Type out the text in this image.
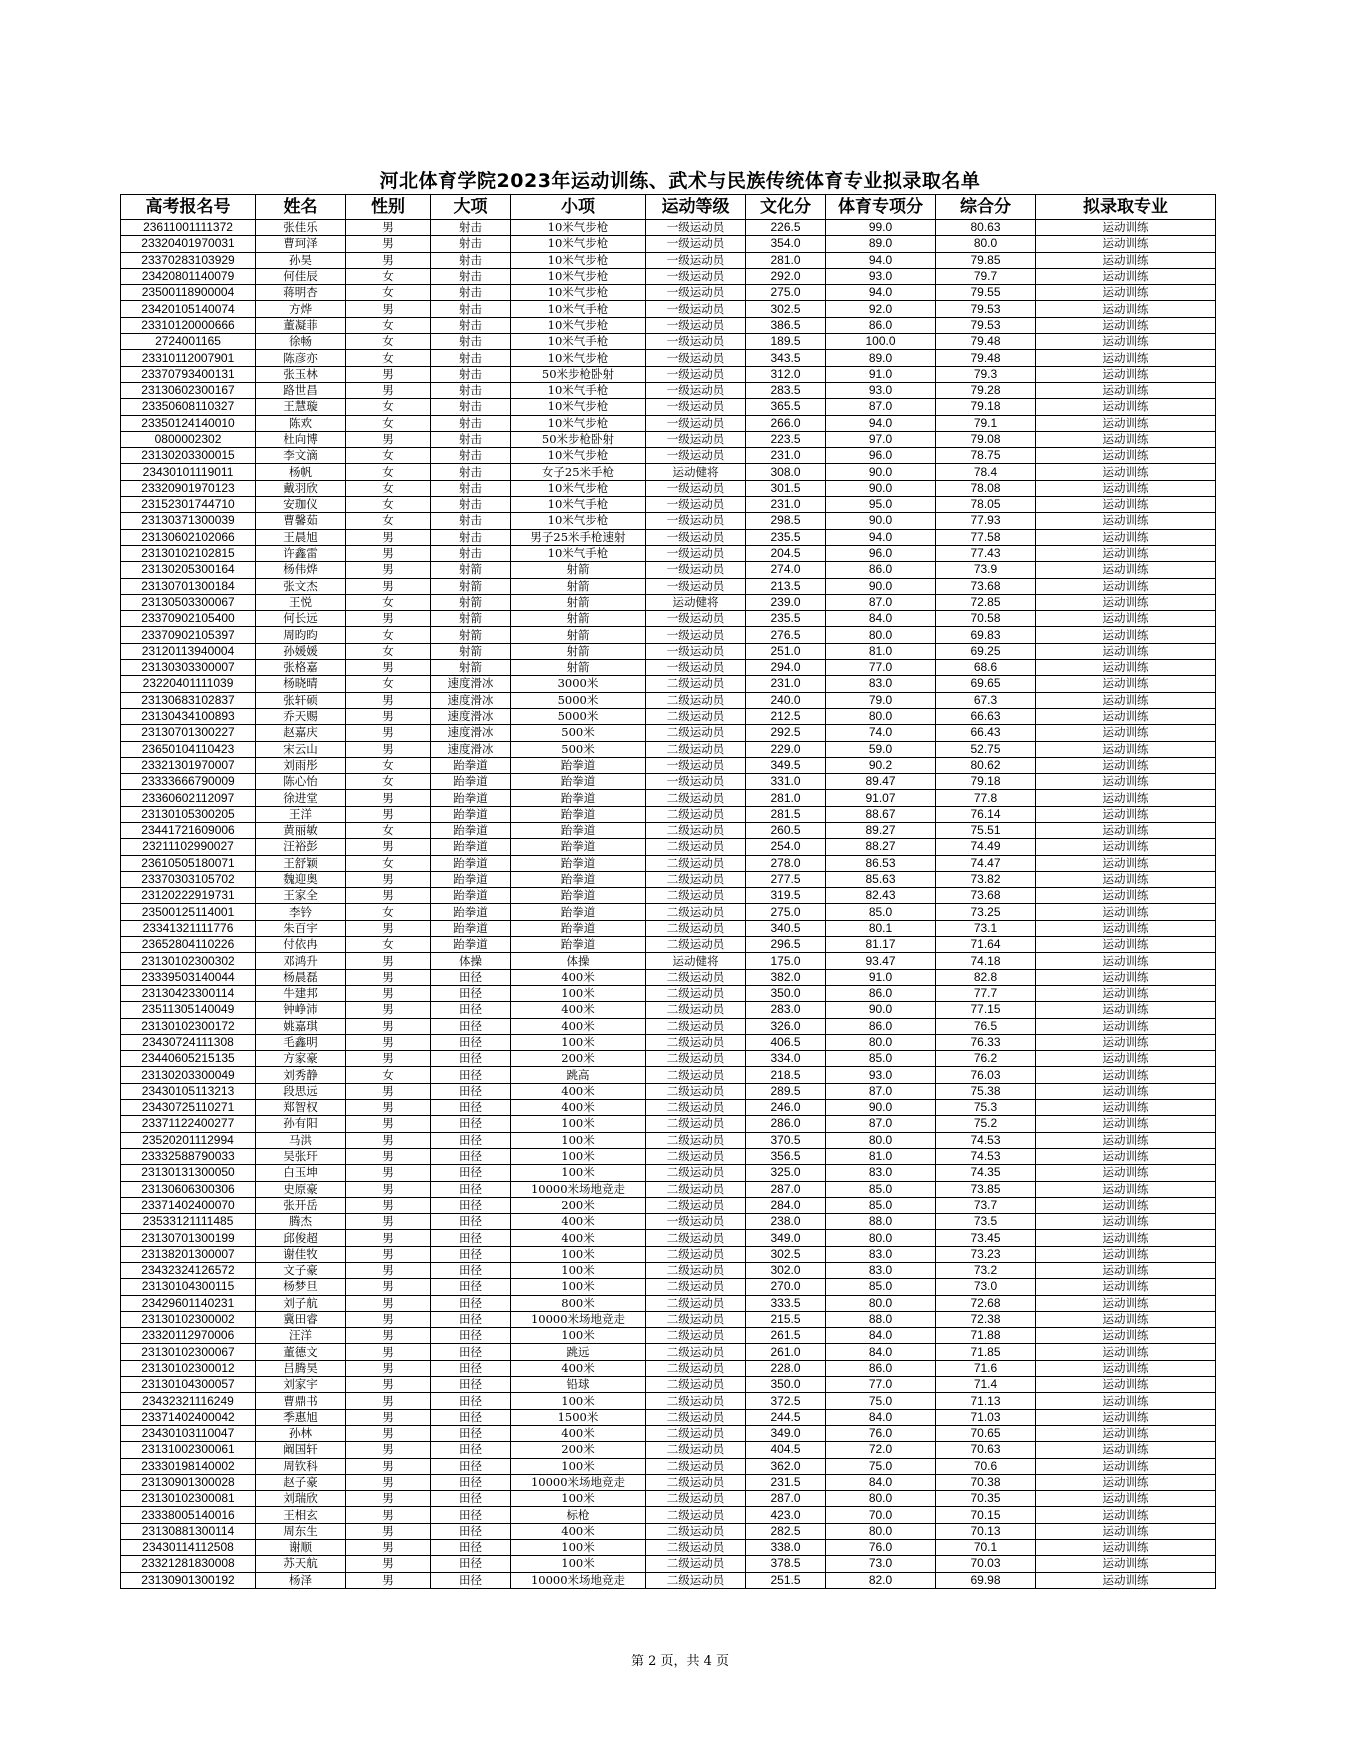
河北体育学院2023年运动训练、武术与民族传统体育专业拟录取名单
高考报名号	姓名	性别	大项	小项	运动等级	文化分	体育专项分	综合分	拟录取专业
23611001111372	张佳乐	男	射击	10米气步枪	一级运动员	226.5	99.0	80.63	运动训练
23320401970031	曹珂泽	男	射击	10米气步枪	一级运动员	354.0	89.0	80.0	运动训练
23370283103929	孙昊	男	射击	10米气步枪	一级运动员	281.0	94.0	79.85	运动训练
23420801140079	何佳辰	女	射击	10米气步枪	一级运动员	292.0	93.0	79.7	运动训练
23500118900004	蒋明杏	女	射击	10米气步枪	一级运动员	275.0	94.0	79.55	运动训练
23420105140074	方烨	男	射击	10米气手枪	一级运动员	302.5	92.0	79.53	运动训练
23310120000666	董凝菲	女	射击	10米气步枪	一级运动员	386.5	86.0	79.53	运动训练
2724001165	徐畅	女	射击	10米气手枪	一级运动员	189.5	100.0	79.48	运动训练
23310112007901	陈彦亦	女	射击	10米气步枪	一级运动员	343.5	89.0	79.48	运动训练
23370793400131	张玉林	男	射击	50米步枪卧射	一级运动员	312.0	91.0	79.3	运动训练
23130602300167	路世昌	男	射击	10米气手枪	一级运动员	283.5	93.0	79.28	运动训练
23350608110327	王慧璇	女	射击	10米气步枪	一级运动员	365.5	87.0	79.18	运动训练
23350124140010	陈欢	女	射击	10米气步枪	一级运动员	266.0	94.0	79.1	运动训练
0800002302	杜向博	男	射击	50米步枪卧射	一级运动员	223.5	97.0	79.08	运动训练
23130203300015	李文滴	女	射击	10米气步枪	一级运动员	231.0	96.0	78.75	运动训练
23430101119011	杨帆	女	射击	女子25米手枪	运动健将	308.0	90.0	78.4	运动训练
23320901970123	戴羽欣	女	射击	10米气步枪	一级运动员	301.5	90.0	78.08	运动训练
23152301744710	安珈仪	女	射击	10米气手枪	一级运动员	231.0	95.0	78.05	运动训练
23130371300039	曹馨茹	女	射击	10米气步枪	一级运动员	298.5	90.0	77.93	运动训练
23130602102066	王晨旭	男	射击	男子25米手枪速射	一级运动员	235.5	94.0	77.58	运动训练
23130102102815	许鑫雷	男	射击	10米气手枪	一级运动员	204.5	96.0	77.43	运动训练
23130205300164	杨伟烨	男	射箭	射箭	一级运动员	274.0	86.0	73.9	运动训练
23130701300184	张文杰	男	射箭	射箭	一级运动员	213.5	90.0	73.68	运动训练
23130503300067	王悦	女	射箭	射箭	运动健将	239.0	87.0	72.85	运动训练
23370902105400	何长远	男	射箭	射箭	一级运动员	235.5	84.0	70.58	运动训练
23370902105397	周昀昀	女	射箭	射箭	一级运动员	276.5	80.0	69.83	运动训练
23120113940004	孙媛媛	女	射箭	射箭	一级运动员	251.0	81.0	69.25	运动训练
23130303300007	张格嘉	男	射箭	射箭	一级运动员	294.0	77.0	68.6	运动训练
23220401111039	杨晓晴	女	速度滑冰	3000米	二级运动员	231.0	83.0	69.65	运动训练
23130683102837	张轩硕	男	速度滑冰	5000米	二级运动员	240.0	79.0	67.3	运动训练
23130434100893	乔天赐	男	速度滑冰	5000米	二级运动员	212.5	80.0	66.63	运动训练
23130701300227	赵嘉庆	男	速度滑冰	500米	二级运动员	292.5	74.0	66.43	运动训练
23650104110423	宋云山	男	速度滑冰	500米	二级运动员	229.0	59.0	52.75	运动训练
23321301970007	刘雨彤	女	跆拳道	跆拳道	一级运动员	349.5	90.2	80.62	运动训练
23333666790009	陈心怡	女	跆拳道	跆拳道	一级运动员	331.0	89.47	79.18	运动训练
23360602112097	徐进堂	男	跆拳道	跆拳道	二级运动员	281.0	91.07	77.8	运动训练
23130105300205	王洋	男	跆拳道	跆拳道	二级运动员	281.5	88.67	76.14	运动训练
23441721609006	黄丽敏	女	跆拳道	跆拳道	二级运动员	260.5	89.27	75.51	运动训练
23211102990027	汪裕彭	男	跆拳道	跆拳道	二级运动员	254.0	88.27	74.49	运动训练
23610505180071	王舒颖	女	跆拳道	跆拳道	二级运动员	278.0	86.53	74.47	运动训练
23370303105702	魏迎奥	男	跆拳道	跆拳道	二级运动员	277.5	85.63	73.82	运动训练
23120222919731	王家全	男	跆拳道	跆拳道	二级运动员	319.5	82.43	73.68	运动训练
23500125114001	李钤	女	跆拳道	跆拳道	二级运动员	275.0	85.0	73.25	运动训练
23341321111776	朱百宇	男	跆拳道	跆拳道	二级运动员	340.5	80.1	73.1	运动训练
23652804110226	付依冉	女	跆拳道	跆拳道	二级运动员	296.5	81.17	71.64	运动训练
23130102300302	邓鸿升	男	体操	体操	运动健将	175.0	93.47	74.18	运动训练
23339503140044	杨晨磊	男	田径	400米	二级运动员	382.0	91.0	82.8	运动训练
23130423300114	牛建邦	男	田径	100米	二级运动员	350.0	86.0	77.7	运动训练
23511305140049	钟峥沛	男	田径	400米	二级运动员	283.0	90.0	77.15	运动训练
23130102300172	姚嘉琪	男	田径	400米	二级运动员	326.0	86.0	76.5	运动训练
23430724111308	毛鑫明	男	田径	100米	二级运动员	406.5	80.0	76.33	运动训练
23440605215135	方家豪	男	田径	200米	二级运动员	334.0	85.0	76.2	运动训练
23130203300049	刘秀静	女	田径	跳高	二级运动员	218.5	93.0	76.03	运动训练
23430105113213	段思远	男	田径	400米	二级运动员	289.5	87.0	75.38	运动训练
23430725110271	郑智权	男	田径	400米	二级运动员	246.0	90.0	75.3	运动训练
23371122400277	孙有阳	男	田径	100米	二级运动员	286.0	87.0	75.2	运动训练
23520201112994	马洪	男	田径	100米	二级运动员	370.5	80.0	74.53	运动训练
23332588790033	吴张玕	男	田径	100米	二级运动员	356.5	81.0	74.53	运动训练
23130131300050	白玉坤	男	田径	100米	二级运动员	325.0	83.0	74.35	运动训练
23130606300306	史原豪	男	田径	10000米场地竞走	二级运动员	287.0	85.0	73.85	运动训练
23371402400070	张开岳	男	田径	200米	二级运动员	284.0	85.0	73.7	运动训练
23533121111485	腾杰	男	田径	400米	一级运动员	238.0	88.0	73.5	运动训练
23130701300199	邱俊超	男	田径	400米	二级运动员	349.0	80.0	73.45	运动训练
23138201300007	谢佳牧	男	田径	100米	二级运动员	302.5	83.0	73.23	运动训练
23432324126572	文子豪	男	田径	100米	二级运动员	302.0	83.0	73.2	运动训练
23130104300115	杨梦旦	男	田径	100米	二级运动员	270.0	85.0	73.0	运动训练
23429601140231	刘子航	男	田径	800米	二级运动员	333.5	80.0	72.68	运动训练
23130102300002	冀田睿	男	田径	10000米场地竞走	二级运动员	215.5	88.0	72.38	运动训练
23320112970006	汪洋	男	田径	100米	二级运动员	261.5	84.0	71.88	运动训练
23130102300067	董德文	男	田径	跳远	二级运动员	261.0	84.0	71.85	运动训练
23130102300012	吕腾昊	男	田径	400米	二级运动员	228.0	86.0	71.6	运动训练
23130104300057	刘家宇	男	田径	铅球	二级运动员	350.0	77.0	71.4	运动训练
23432321116249	曹鼎书	男	田径	100米	二级运动员	372.5	75.0	71.13	运动训练
23371402400042	季惠旭	男	田径	1500米	二级运动员	244.5	84.0	71.03	运动训练
23430103110047	孙林	男	田径	400米	二级运动员	349.0	76.0	70.65	运动训练
23131002300061	阚国轩	男	田径	200米	二级运动员	404.5	72.0	70.63	运动训练
23330198140002	周钦科	男	田径	100米	二级运动员	362.0	75.0	70.6	运动训练
23130901300028	赵子豪	男	田径	10000米场地竞走	二级运动员	231.5	84.0	70.38	运动训练
23130102300081	刘瑞欣	男	田径	100米	二级运动员	287.0	80.0	70.35	运动训练
23338005140016	王相玄	男	田径	标枪	二级运动员	423.0	70.0	70.15	运动训练
23130881300114	周东生	男	田径	400米	二级运动员	282.5	80.0	70.13	运动训练
23430114112508	谢顺	男	田径	100米	二级运动员	338.0	76.0	70.1	运动训练
23321281830008	苏天航	男	田径	100米	二级运动员	378.5	73.0	70.03	运动训练
23130901300192	杨泽	男	田径	10000米场地竞走	二级运动员	251.5	82.0	69.98	运动训练
第 2 页，共 4 页
